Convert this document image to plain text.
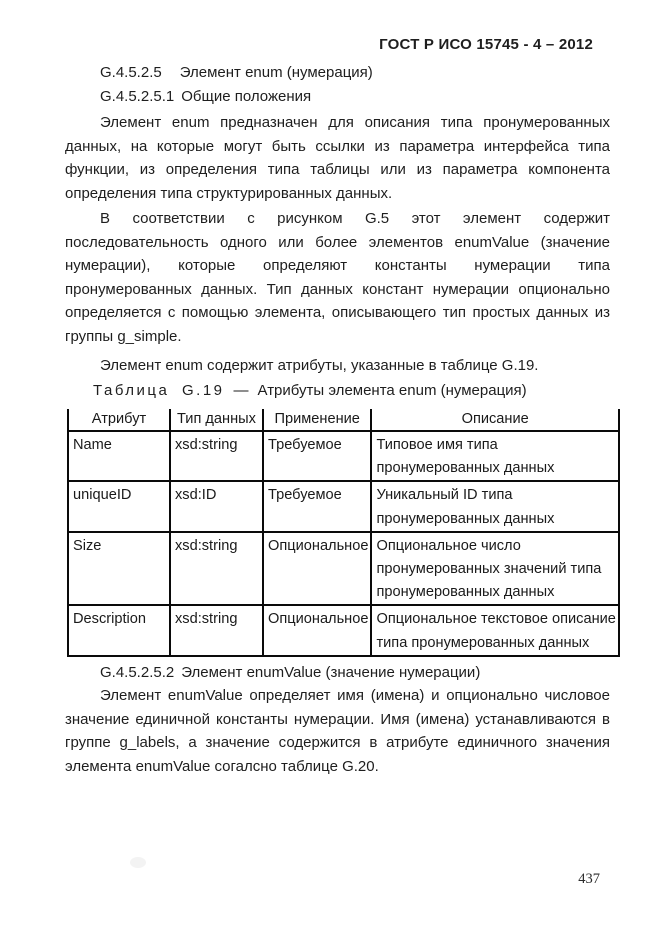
ГОСТ Р ИСО 15745 - 4 – 2012
G.4.5.2.5 Элемент enum (нумерация)
G.4.5.2.5.1 Общие положения
Элемент enum предназначен для описания типа пронумерованных
данных, на которые могут быть ссылки из параметра интерфейса типа
функции, из определения типа таблицы или из параметра компонента
определения типа структурированных данных.
В соответствии с рисунком G.5 этот элемент содержит
последовательность одного или более элементов enumValue (значение
нумерации), которые определяют константы нумерации типа
пронумерованных данных. Тип данных констант нумерации опционально
определяется с помощью элемента, описывающего тип простых данных из
группы g_simple.
Элемент enum содержит атрибуты, указанные в таблице G.19.
Таблица G.19 — Атрибуты элемента enum (нумерация)
Атрибут	Тип данных	Применение	Описание
Name	xsd:string	Требуемое	Типовое имя типа
пронумерованных данных

uniqueID	xsd:ID	Требуемое	Уникальный ID типа
пронумерованных данных

Size	xsd:string	Опциональное	Опциональное число
пронумерованных значений типа
пронумерованных данных

Description	xsd:string	Опциональное	Опциональное текстовое описание
типа пронумерованных данных
G.4.5.2.5.2 Элемент enumValue (значение нумерации)
Элемент enumValue определяет имя (имена) и опционально числовое
значение единичной константы нумерации. Имя (имена) устанавливаются в
группе g_labels, а значение содержится в атрибуте единичного значения
элемента enumValue согалсно таблице G.20.
437
